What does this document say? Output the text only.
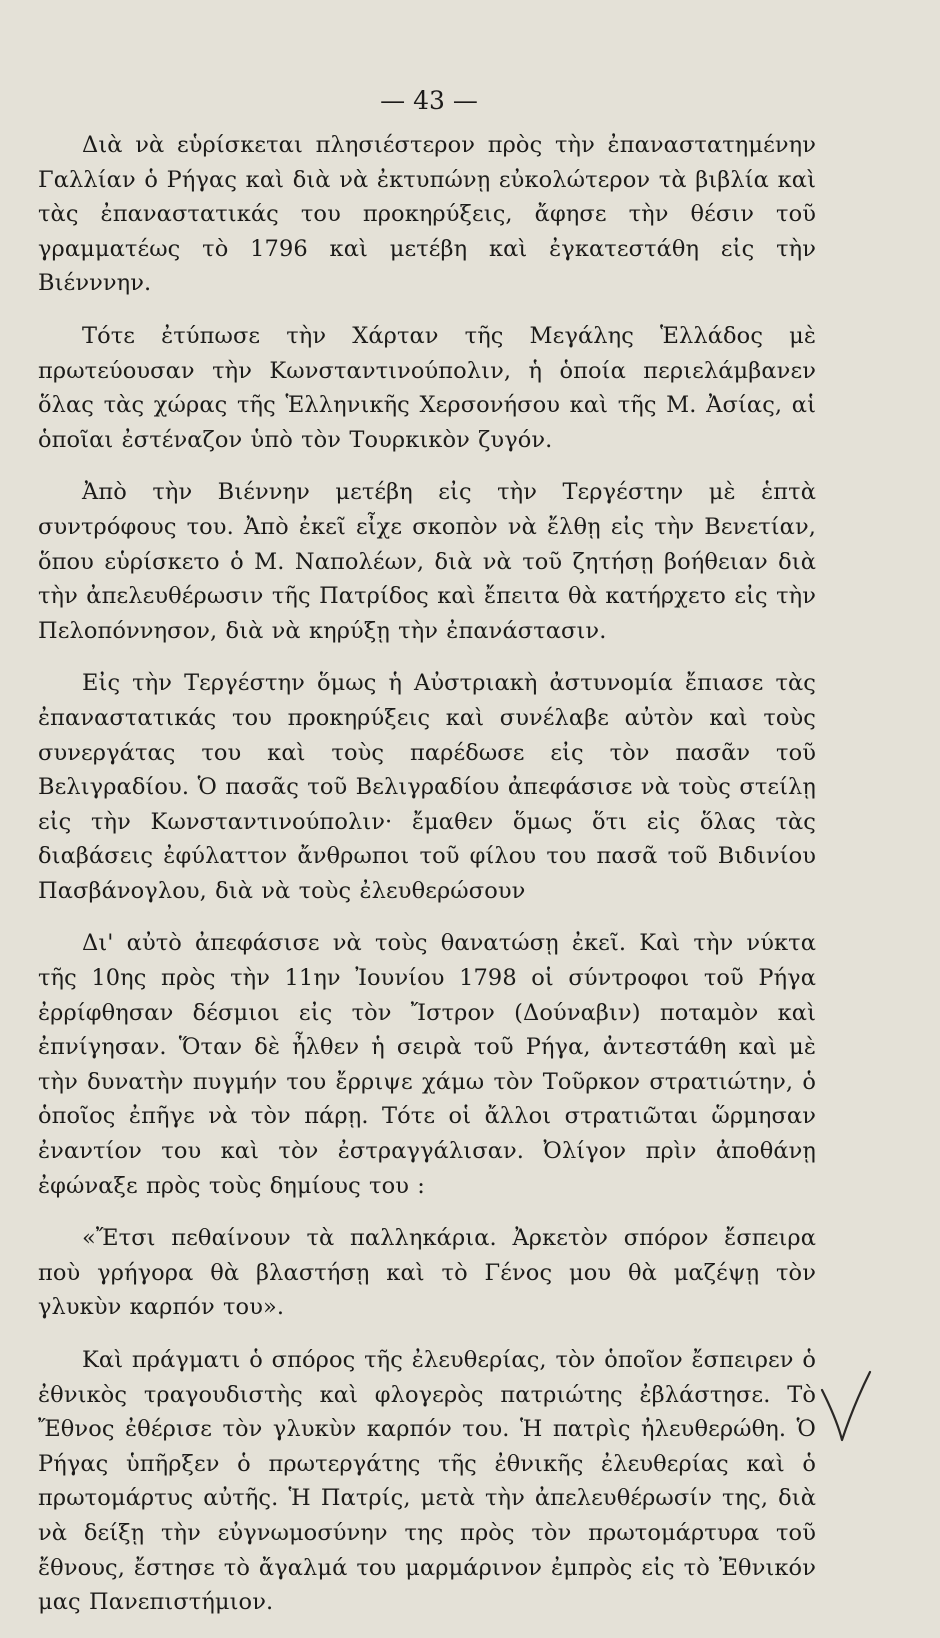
— 43 —

Διὰ νὰ εὑρίσκεται πλησιέστερον πρὸς τὴν ἐπαναστατημένην Γαλλίαν ὁ Ρήγας καὶ διὰ νὰ ἐκτυπώνῃ εὐκολώτερον τὰ βιβλία καὶ τὰς ἐπαναστατικάς του προκηρύξεις, ἄφησε τὴν θέσιν τοῦ γραμματέως τὸ 1796 καὶ μετέβη καὶ ἐγκατεστάθη εἰς τὴν Βιένννην.

Τότε ἐτύπωσε τὴν Χάρταν τῆς Μεγάλης Ἑλλάδος μὲ πρωτεύουσαν τὴν Κωνσταντινούπολιν, ἡ ὁποία περιελάμβανεν ὅλας τὰς χώρας τῆς Ἑλληνικῆς Χερσονήσου καὶ τῆς Μ. Ἀσίας, αἱ ὁποῖαι ἐστέναζον ὑπὸ τὸν Τουρκικὸν ζυγόν.

Ἀπὸ τὴν Βιέννην μετέβη εἰς τὴν Τεργέστην μὲ ἑπτὰ συντρόφους του. Ἀπὸ ἐκεῖ εἶχε σκοπὸν νὰ ἔλθῃ εἰς τὴν Βενετίαν, ὅπου εὑρίσκετο ὁ Μ. Ναπολέων, διὰ νὰ τοῦ ζητήσῃ βοήθειαν διὰ τὴν ἀπελευθέρωσιν τῆς Πατρίδος καὶ ἔπειτα θὰ κατήρχετο εἰς τὴν Πελοπόννησον, διὰ νὰ κηρύξῃ τὴν ἐπανάστασιν.

Εἰς τὴν Τεργέστην ὅμως ἡ Αὐστριακὴ ἀστυνομία ἔπιασε τὰς ἐπαναστατικάς του προκηρύξεις καὶ συνέλαβε αὐτὸν καὶ τοὺς συνεργάτας του καὶ τοὺς παρέδωσε εἰς τὸν πασᾶν τοῦ Βελιγραδίου. Ὁ πασᾶς τοῦ Βελιγραδίου ἀπεφάσισε νὰ τοὺς στείλῃ εἰς τὴν Κωνσταντινούπολιν· ἔμαθεν ὅμως ὅτι εἰς ὅλας τὰς διαβάσεις ἐφύλαττον ἄνθρωποι τοῦ φίλου του πασᾶ τοῦ Βιδινίου Πασβάνογλου, διὰ νὰ τοὺς ἐλευθερώσουν

Δι' αὐτὸ ἀπεφάσισε νὰ τοὺς θανατώσῃ ἐκεῖ. Καὶ τὴν νύκτα τῆς 10ης πρὸς τὴν 11ην Ἰουνίου 1798 οἱ σύντροφοι τοῦ Ρήγα ἐρρίφθησαν δέσμιοι εἰς τὸν Ἴστρον (Δούναβιν) ποταμὸν καὶ ἐπνίγησαν. Ὅταν δὲ ἦλθεν ἡ σειρὰ τοῦ Ρήγα, ἀντεστάθη καὶ μὲ τὴν δυνατὴν πυγμήν του ἔρριψε χάμω τὸν Τοῦρκον στρατιώτην, ὁ ὁποῖος ἐπῆγε νὰ τὸν πάρῃ. Τότε οἱ ἄλλοι στρατιῶται ὥρμησαν ἐναντίον του καὶ τὸν ἐστραγγάλισαν. Ὀλίγον πρὶν ἀποθάνῃ ἐφώναξε πρὸς τοὺς δημίους του :

«Ἔτσι πεθαίνουν τὰ παλληκάρια. Ἀρκετὸν σπόρον ἔσπειρα ποὺ γρήγορα θὰ βλαστήσῃ καὶ τὸ Γένος μου θὰ μαζέψῃ τὸν γλυκὺν καρπόν του».

Καὶ πράγματι ὁ σπόρος τῆς ἐλευθερίας, τὸν ὁποῖον ἔσπειρεν ὁ ἐθνικὸς τραγουδιστὴς καὶ φλογερὸς πατριώτης ἐβλάστησε. Τὸ Ἔθνος ἐθέρισε τὸν γλυκὺν καρπόν του. Ἡ πατρὶς ἠλευθερώθη. Ὁ Ρήγας ὑπῆρξεν ὁ πρωτεργάτης τῆς ἐθνικῆς ἐλευθερίας καὶ ὁ πρωτομάρτυς αὐτῆς. Ἡ Πατρίς, μετὰ τὴν ἀπελευθέρωσίν της, διὰ νὰ δείξῃ τὴν εὐγνωμοσύνην της πρὸς τὸν πρωτομάρτυρα τοῦ ἔθνους, ἔστησε τὸ ἄγαλμά του μαρμάρινον ἐμπρὸς εἰς τὸ Ἐθνικόν μας Πανεπιστήμιον.
